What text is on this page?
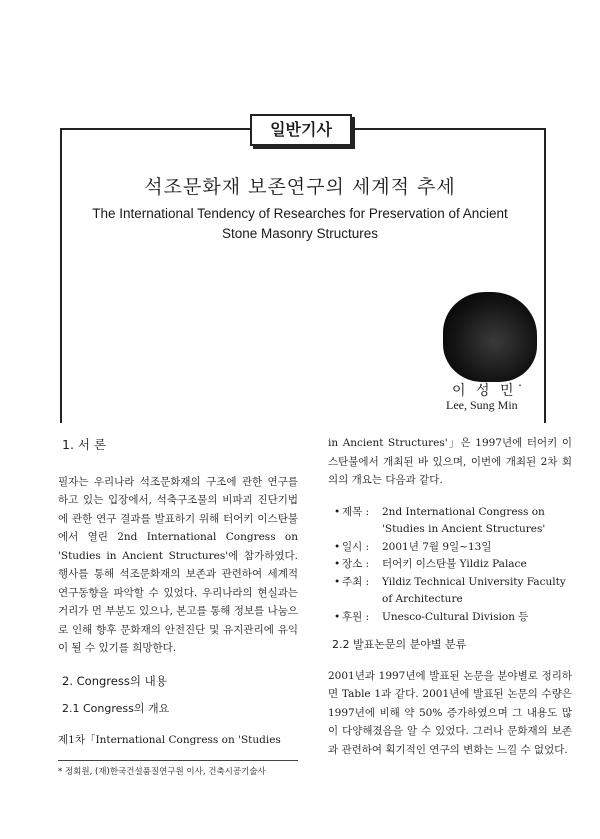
일반기사
석조문화재 보존연구의 세계적 추세
The International Tendency of Researches for Preservation of Ancient
Stone Masonry Structures
이 성 민˙
Lee, Sung Min
1. 서 론

필자는 우리나라 석조문화재의 구조에 관한 연구를 하고 있는 입장에서, 석축구조물의 비파괴 진단기법에 관한 연구 결과를 발표하기 위해 터어키 이스탄불에서 열린 2nd International Congress on 'Studies in Ancient Structures'에 참가하였다. 행사를 통해 석조문화재의 보존과 관련하여 세계적 연구동향을 파악할 수 있었다. 우리나라의 현실과는 거리가 먼 부분도 있으나, 본고를 통해 정보를 나눔으로 인해 향후 문화재의 안전진단 및 유지관리에 유익이 될 수 있기를 희망한다.

2. Congress의 내용
2.1 Congress의 개요

제1차「International Congress on 'Studies

in Ancient Structures'」은 1997년에 터어키 이스탄불에서 개최된 바 있으며, 이번에 개최된 2차 회의의 개요는 다음과 같다.

• 제목 :	2nd International Congress on 'Studies in Ancient Structures'
• 일시 :	2001년 7월 9일~13일
• 장소 :	터어키 이스탄불 Yildiz Palace
• 주최 :	Yildiz Technical University Faculty of Architecture
• 후원 :	Unesco-Cultural Division 등
2.2 발표논문의 분야별 분류

2001년과 1997년에 발표된 논문을 분야별로 정리하면 Table 1과 같다. 2001년에 발표된 논문의 수량은 1997년에 비해 약 50% 증가하였으며 그 내용도 많이 다양해졌음을 알 수 있었다. 그러나 문화재의 보존과 관련하여 획기적인 연구의 변화는 느낄 수 없었다.

* 정회원, (재)한국건설품질연구원 이사, 건축시공기술사
